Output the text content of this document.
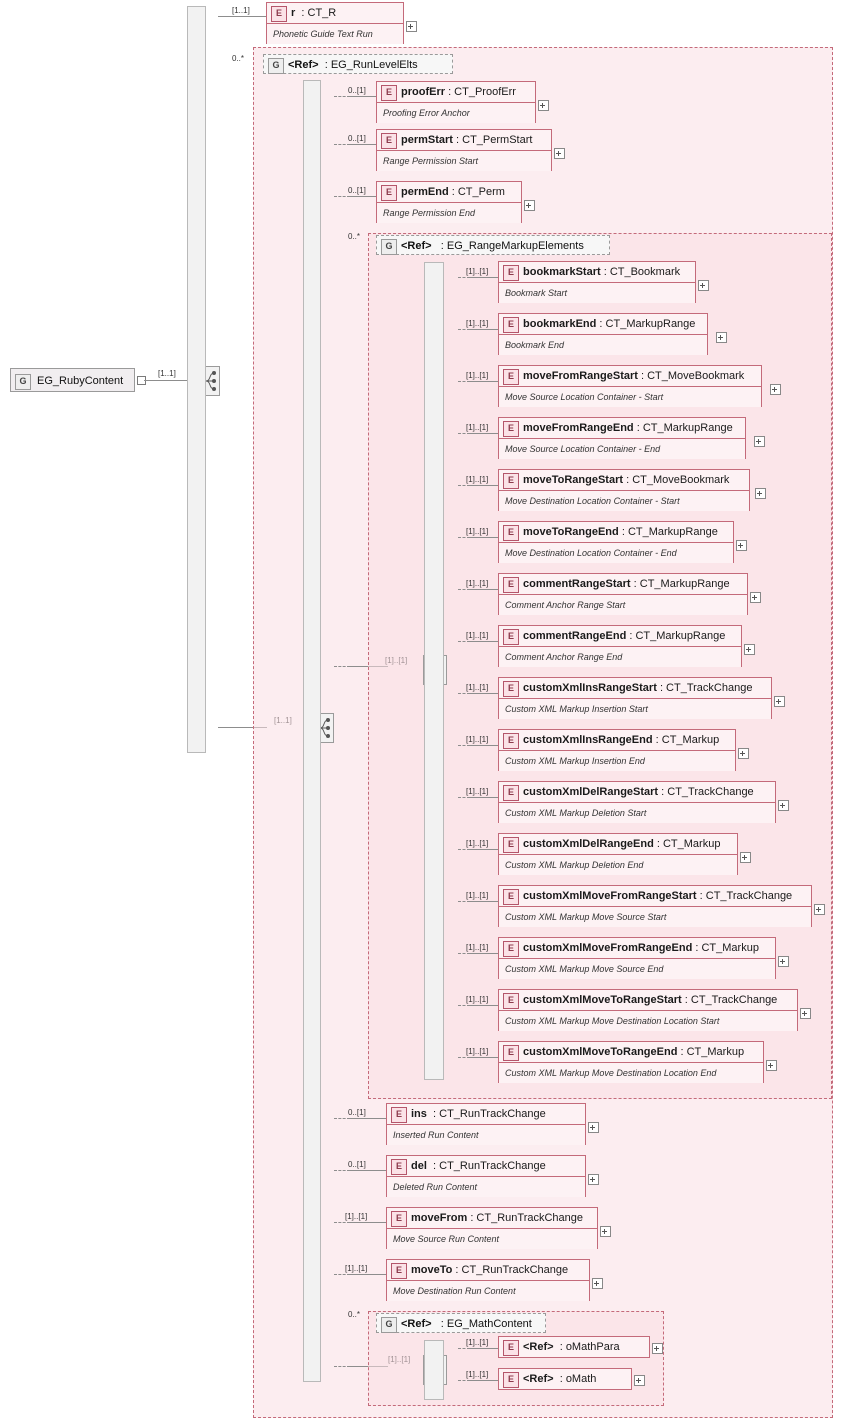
G EG_RubyContent
[1..1]
[1..1]	E r : CT_R
Phonetic Guide Text Run
G <Ref> : EG_RunLevelElts
0..*
0..[1]	E proofErr : CT_ProofErr
Proofing Error Anchor
0..[1]	E permStart : CT_PermStart
Range Permission Start
0..[1]	E permEnd : CT_Perm
Range Permission End
0..*
G <Ref> : EG_RangeMarkupElements
[1]..[1]	E bookmarkStart : CT_Bookmark
Bookmark Start
[1]..[1]	E bookmarkEnd : CT_MarkupRange
Bookmark End
[1]..[1]	E moveFromRangeStart : CT_MoveBookmark
Move Source Location Container - Start
[1]..[1]	E moveFromRangeEnd : CT_MarkupRange
Move Source Location Container - End
[1]..[1]	E moveToRangeStart : CT_MoveBookmark
Move Destination Location Container - Start
[1]..[1]	E moveToRangeEnd : CT_MarkupRange
Move Destination Location Container - End
[1]..[1]	E commentRangeStart : CT_MarkupRange
Comment Anchor Range Start
[1]..[1]	E commentRangeEnd : CT_MarkupRange
Comment Anchor Range End
[1]..[1]	E customXmlInsRangeStart : CT_TrackChange
Custom XML Markup Insertion Start
[1]..[1]	E customXmlInsRangeEnd : CT_Markup
Custom XML Markup Insertion End
[1]..[1]	E customXmlDelRangeStart : CT_TrackChange
Custom XML Markup Deletion Start
[1]..[1]	E customXmlDelRangeEnd : CT_Markup
Custom XML Markup Deletion End
[1]..[1]	E customXmlMoveFromRangeStart : CT_TrackChange
Custom XML Markup Move Source Start
[1]..[1]	E customXmlMoveFromRangeEnd : CT_Markup
Custom XML Markup Move Source End
[1]..[1]	E customXmlMoveToRangeStart : CT_TrackChange
Custom XML Markup Move Destination Location Start
[1]..[1]	E customXmlMoveToRangeEnd : CT_Markup
Custom XML Markup Move Destination Location End
0..[1]	E ins : CT_RunTrackChange
Inserted Run Content
0..[1]	E del : CT_RunTrackChange
Deleted Run Content
[1]..[1]	E moveFrom : CT_RunTrackChange
Move Source Run Content
[1]..[1]	E moveTo : CT_RunTrackChange
Move Destination Run Content
0..*
G <Ref> : EG_MathContent
[1]..[1]	E <Ref> : oMathPara
[1]..[1]	E <Ref> : oMath
